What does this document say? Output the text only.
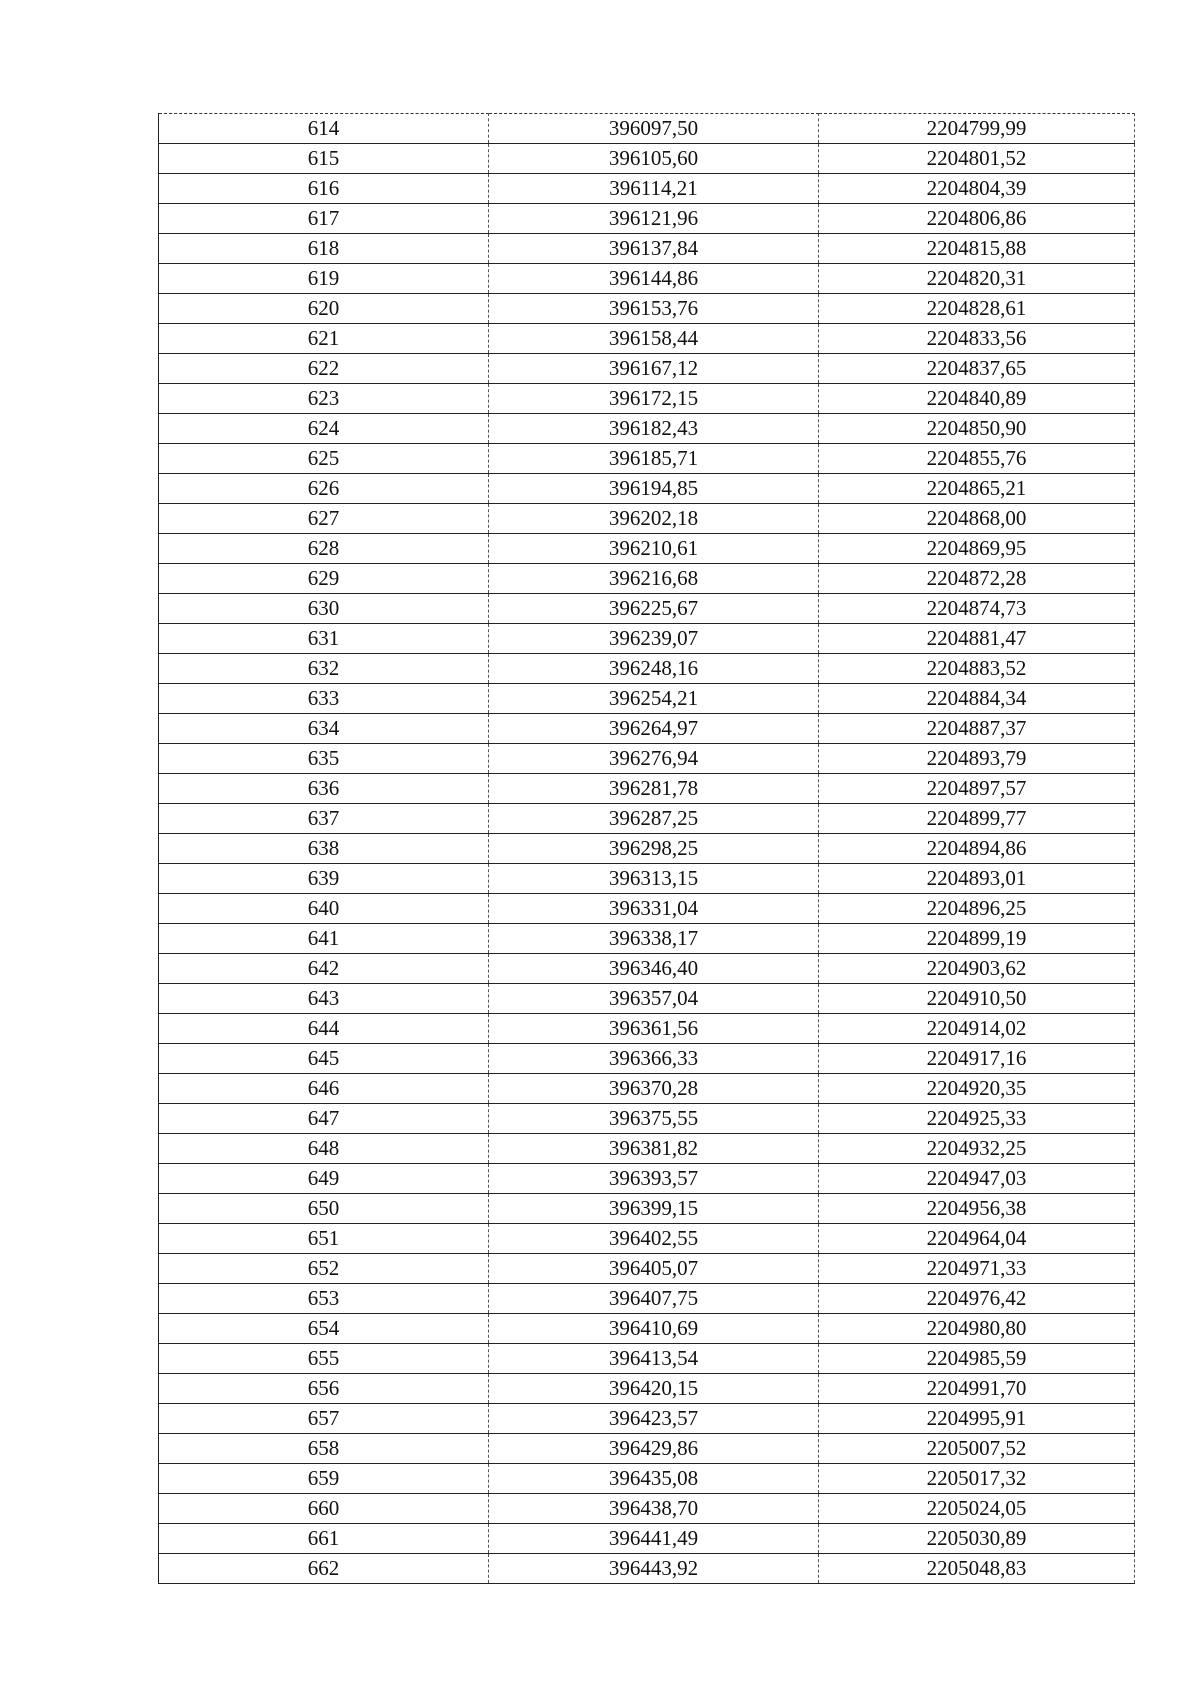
614	396097,50	2204799,99
615	396105,60	2204801,52
616	396114,21	2204804,39
617	396121,96	2204806,86
618	396137,84	2204815,88
619	396144,86	2204820,31
620	396153,76	2204828,61
621	396158,44	2204833,56
622	396167,12	2204837,65
623	396172,15	2204840,89
624	396182,43	2204850,90
625	396185,71	2204855,76
626	396194,85	2204865,21
627	396202,18	2204868,00
628	396210,61	2204869,95
629	396216,68	2204872,28
630	396225,67	2204874,73
631	396239,07	2204881,47
632	396248,16	2204883,52
633	396254,21	2204884,34
634	396264,97	2204887,37
635	396276,94	2204893,79
636	396281,78	2204897,57
637	396287,25	2204899,77
638	396298,25	2204894,86
639	396313,15	2204893,01
640	396331,04	2204896,25
641	396338,17	2204899,19
642	396346,40	2204903,62
643	396357,04	2204910,50
644	396361,56	2204914,02
645	396366,33	2204917,16
646	396370,28	2204920,35
647	396375,55	2204925,33
648	396381,82	2204932,25
649	396393,57	2204947,03
650	396399,15	2204956,38
651	396402,55	2204964,04
652	396405,07	2204971,33
653	396407,75	2204976,42
654	396410,69	2204980,80
655	396413,54	2204985,59
656	396420,15	2204991,70
657	396423,57	2204995,91
658	396429,86	2205007,52
659	396435,08	2205017,32
660	396438,70	2205024,05
661	396441,49	2205030,89
662	396443,92	2205048,83
